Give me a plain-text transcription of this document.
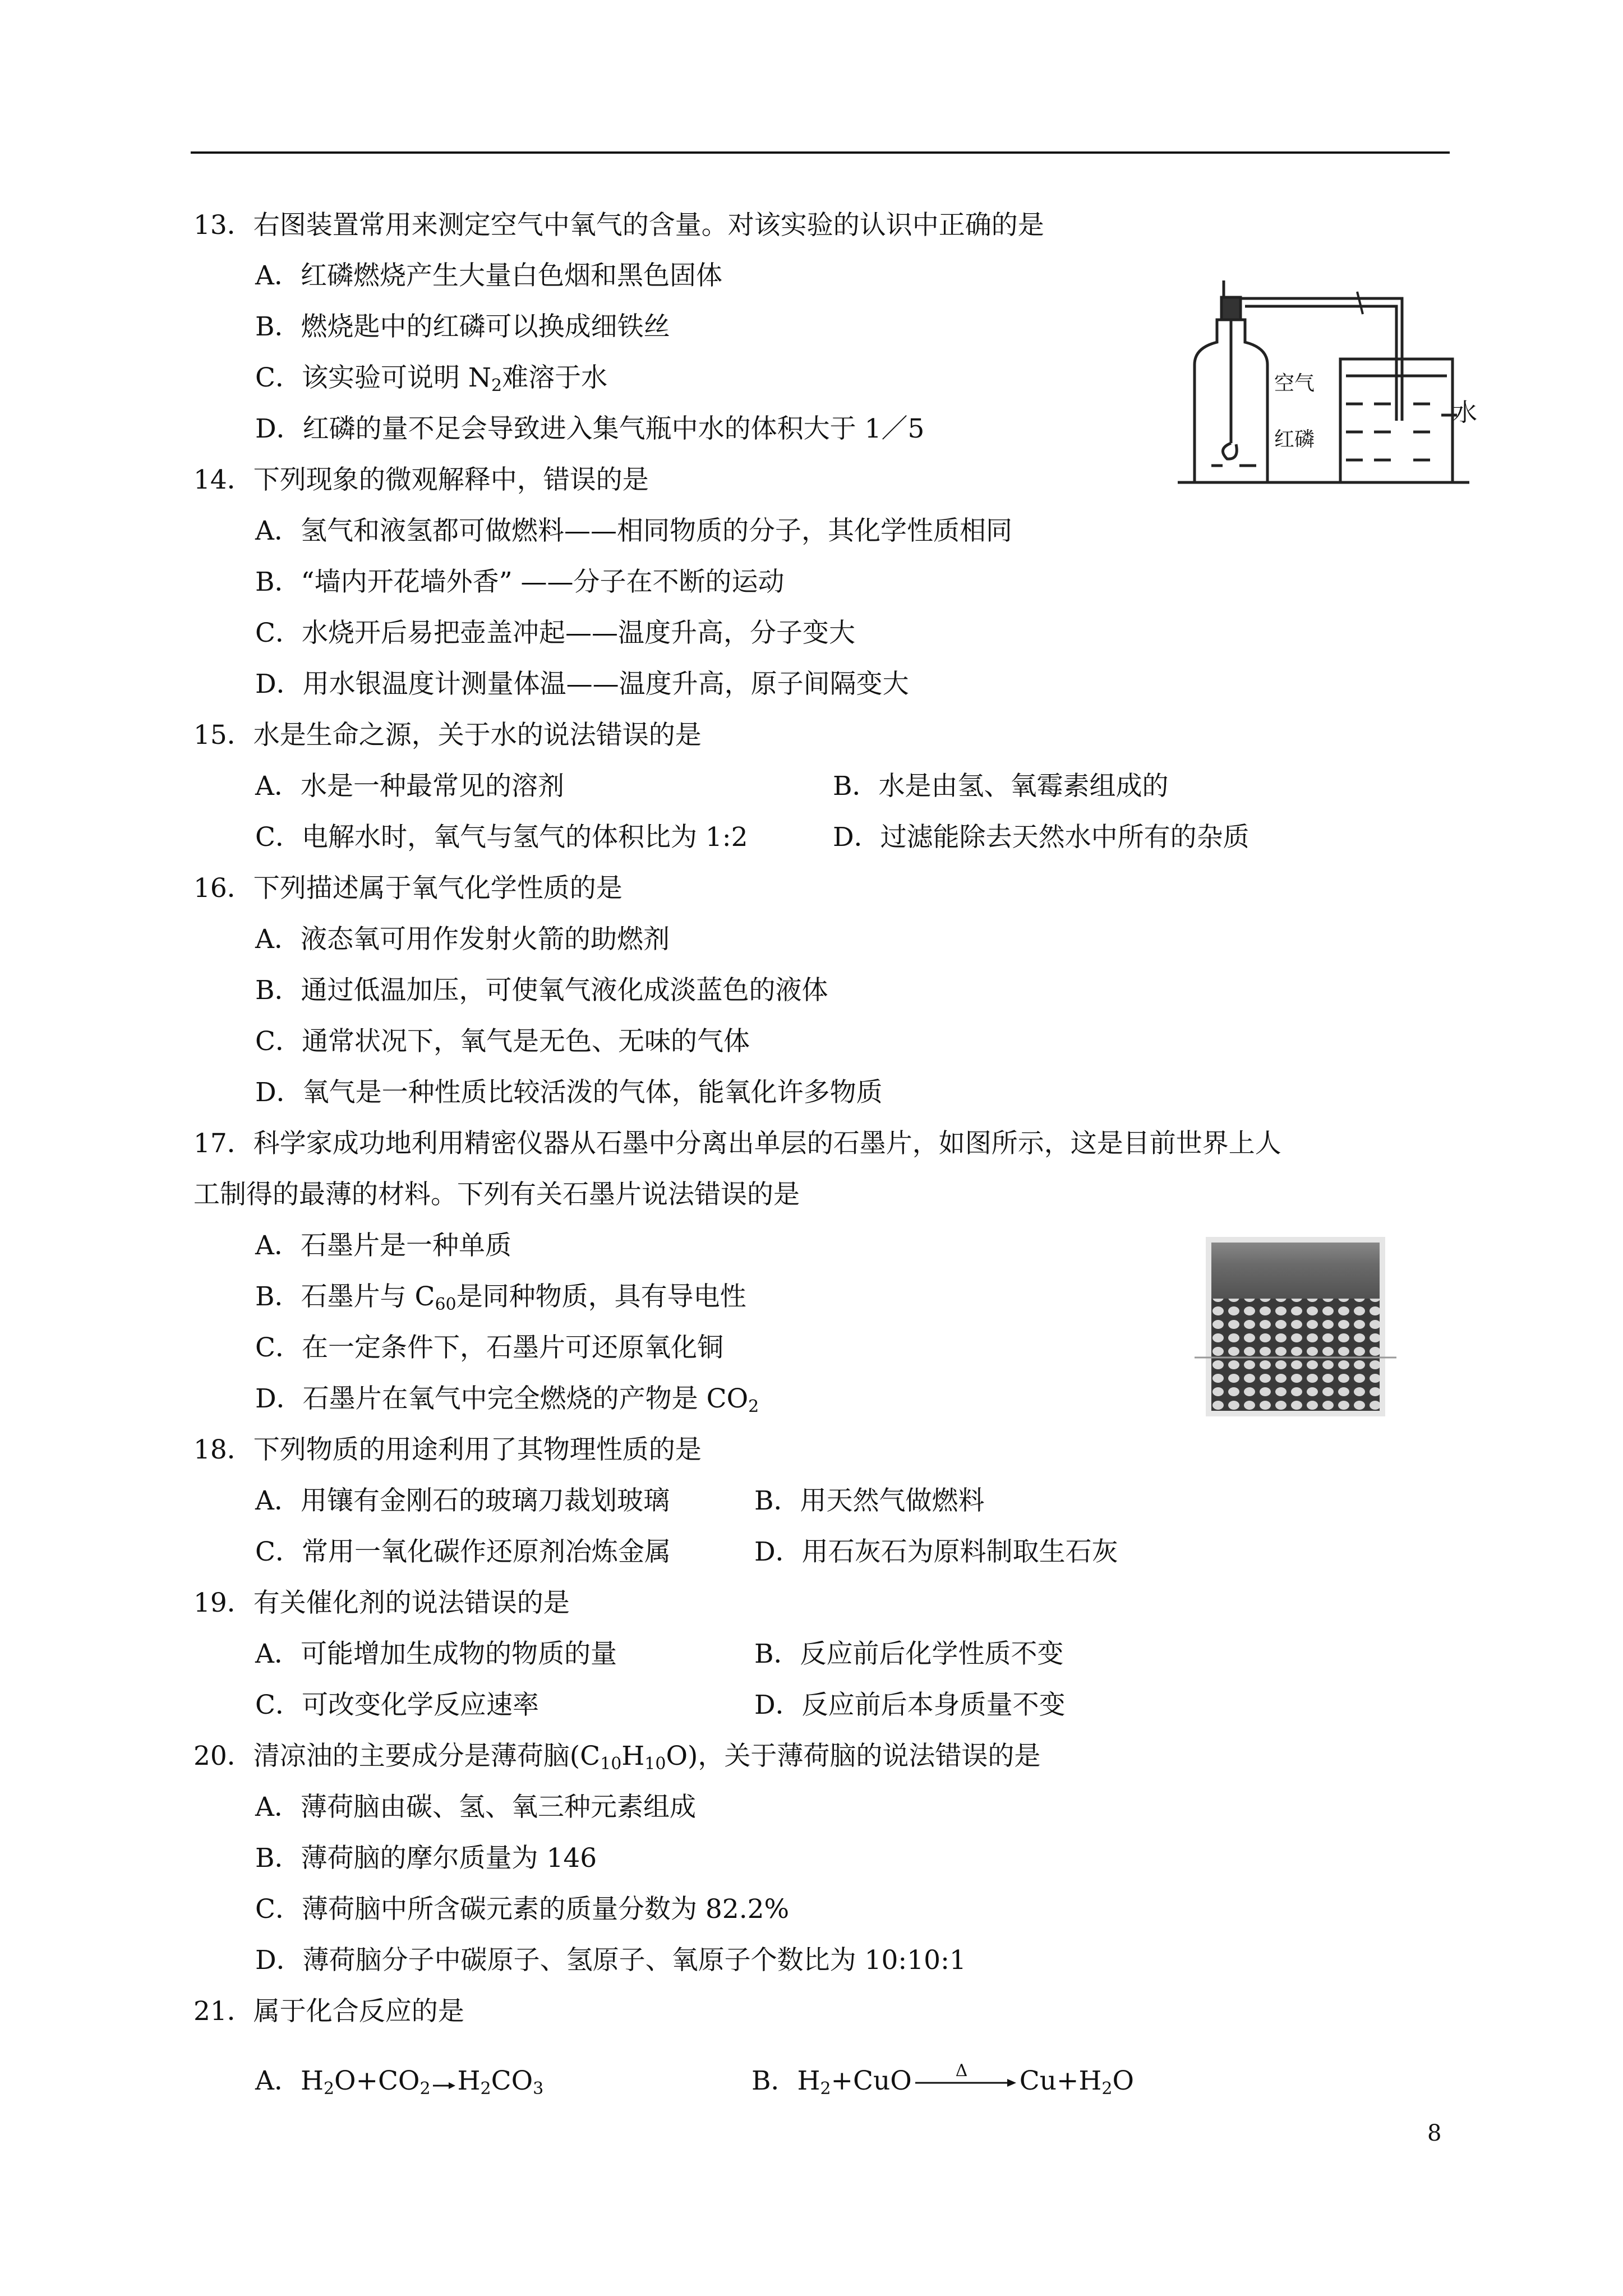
13．右图装置常用来测定空气中氧气的含量。对该实验的认识中正确的是
A．红磷燃烧产生大量白色烟和黑色固体
B．燃烧匙中的红磷可以换成细铁丝
C．该实验可说明 $N_2$难溶于水
D．红磷的量不足会导致进入集气瓶中水的体积大于 1／5
空气
红磷
水
14．下列现象的微观解释中，错误的是
A．氢气和液氢都可做燃料——相同物质的分子，其化学性质相同
B．“墙内开花墙外香” ——分子在不断的运动
C．水烧开后易把壶盖冲起——温度升高，分子变大
D．用水银温度计测量体温——温度升高，原子间隔变大
15．水是生命之源，关于水的说法错误的是
A．水是一种最常见的溶剂	B．水是由氢、氧霉素组成的
C．电解水时，氧气与氢气的体积比为 1:2	D．过滤能除去天然水中所有的杂质
16．下列描述属于氧气化学性质的是
A．液态氧可用作发射火箭的助燃剂
B．通过低温加压，可使氧气液化成淡蓝色的液体
C．通常状况下，氧气是无色、无味的气体
D．氧气是一种性质比较活泼的气体，能氧化许多物质
17．科学家成功地利用精密仪器从石墨中分离出单层的石墨片，如图所示，这是目前世界上人
工制得的最薄的材料。下列有关石墨片说法错误的是
A．石墨片是一种单质
B．石墨片与 $C_{60}$是同种物质，具有导电性
C．在一定条件下，石墨片可还原氧化铜
D．石墨片在氧气中完全燃烧的产物是 $CO_2$
18．下列物质的用途利用了其物理性质的是
A．用镶有金刚石的玻璃刀裁划玻璃	B．用天然气做燃料
C．常用一氧化碳作还原剂冶炼金属	D．用石灰石为原料制取生石灰
19．有关催化剂的说法错误的是
A．可能增加生成物的物质的量	B．反应前后化学性质不变
C．可改变化学反应速率	D．反应前后本身质量不变
20．清凉油的主要成分是薄荷脑$(C_{10}H_{10}O)$，关于薄荷脑的说法错误的是
A．薄荷脑由碳、氢、氧三种元素组成
B．薄荷脑的摩尔质量为 146
C．薄荷脑中所含碳元素的质量分数为 82.2%
D．薄荷脑分子中碳原子、氢原子、氧原子个数比为 10:10:1
21．属于化合反应的是
A．$H_2O+CO_2$ $H_2CO_3$	B．$H_2+CuO$	Δ $Cu+H_2O$
8
